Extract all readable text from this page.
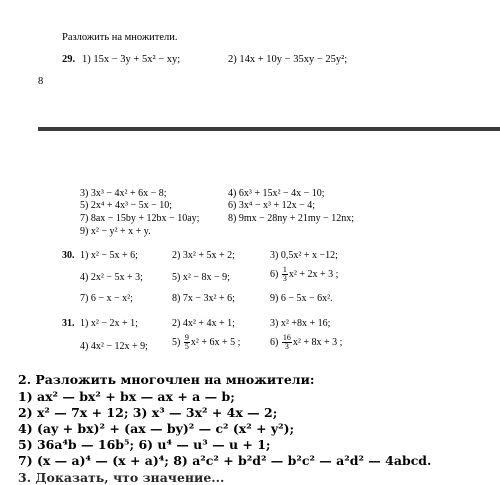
Разложить на множители.
29. 1) 15x − 3y + 5x² − xy;	2) 14x + 10y − 35xy − 25y²;
8
3) 3x³ − 4x² + 6x − 8;	4) 6x³ + 15x² − 4x − 10;
5) 2x⁴ + 4x³ − 5x − 10;	6) 3x⁴ − x³ + 12x − 4;
7) 8ax − 15by + 12bx − 10ay;	8) 9mx − 28ny + 21my − 12nx;
9) x² − y² + x + y.
30. 1) x² − 5x + 6;	2) 3x² + 5x + 2;	3) 0,5x² + x −12;
4) 2x² − 5x + 3;	5) x² − 8x − 9;	$6) \frac{1}{3} x^2 + 2x + 3$ ;
7) 6 − x − x²;	8) 7x − 3x² + 6;	9) 6 − 5x − 6x².
31. 1) x² − 2x + 1;	2) 4x² + 4x + 1;	3) x² +8x + 16;
4) 4x² − 12x + 9; $5) \frac{9}{5} x^2 + 6x + 5$ ;	$6) \frac{16}{3} x^2 + 8x + 3$ ;
2. Разложить многочлен на множители:
1) ax² — bx² + bx — ax + a — b;
2) x² — 7x + 12; 3) x³ — 3x² + 4x — 2;
4) (ay + bx)² + (ax — by)² — c² (x² + y²);
5) 36a⁴b — 16b⁵; 6) u⁴ — u³ — u + 1;
7) (x — a)⁴ — (x + a)⁴; 8) a²c² + b²d² — b²c² — a²d² — 4abcd.
3. Доказать, что значение...
